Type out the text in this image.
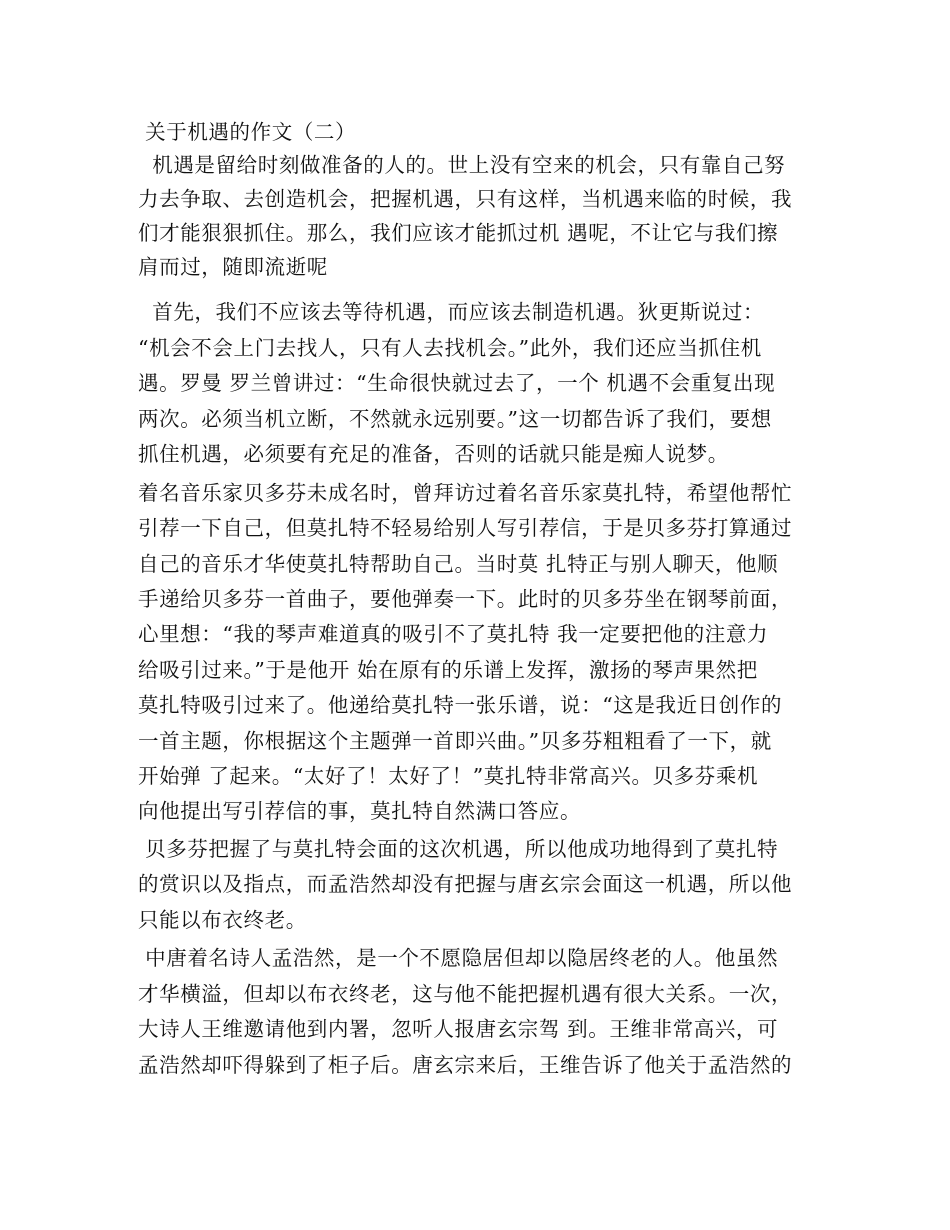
关于机遇的作文（二）
机遇是留给时刻做准备的人的。世上没有空来的机会，只有靠自己努
力去争取、去创造机会，把握机遇，只有这样，当机遇来临的时候，我
们才能狠狠抓住。那么，我们应该才能抓过机 遇呢，不让它与我们擦
肩而过，随即流逝呢
首先，我们不应该去等待机遇，而应该去制造机遇。狄更斯说过：
“机会不会上门去找人，只有人去找机会。”此外，我们还应当抓住机
遇。罗曼 罗兰曾讲过：“生命很快就过去了，一个 机遇不会重复出现
两次。必须当机立断，不然就永远别要。”这一切都告诉了我们，要想
抓住机遇，必须要有充足的准备，否则的话就只能是痴人说梦。
着名音乐家贝多芬未成名时，曾拜访过着名音乐家莫扎特，希望他帮忙
引荐一下自己，但莫扎特不轻易给别人写引荐信，于是贝多芬打算通过
自己的音乐才华使莫扎特帮助自己。当时莫 扎特正与别人聊天，他顺
手递给贝多芬一首曲子，要他弹奏一下。此时的贝多芬坐在钢琴前面，
心里想：“我的琴声难道真的吸引不了莫扎特 我一定要把他的注意力
给吸引过来。”于是他开 始在原有的乐谱上发挥，激扬的琴声果然把
莫扎特吸引过来了。他递给莫扎特一张乐谱，说：“这是我近日创作的
一首主题，你根据这个主题弹一首即兴曲。”贝多芬粗粗看了一下，就
开始弹 了起来。“太好了！太好了！”莫扎特非常高兴。贝多芬乘机
向他提出写引荐信的事，莫扎特自然满口答应。
贝多芬把握了与莫扎特会面的这次机遇，所以他成功地得到了莫扎特
的赏识以及指点，而孟浩然却没有把握与唐玄宗会面这一机遇，所以他
只能以布衣终老。
中唐着名诗人孟浩然，是一个不愿隐居但却以隐居终老的人。他虽然
才华横溢，但却以布衣终老，这与他不能把握机遇有很大关系。一次，
大诗人王维邀请他到内署，忽听人报唐玄宗驾 到。王维非常高兴，可
孟浩然却吓得躲到了柜子后。唐玄宗来后，王维告诉了他关于孟浩然的
